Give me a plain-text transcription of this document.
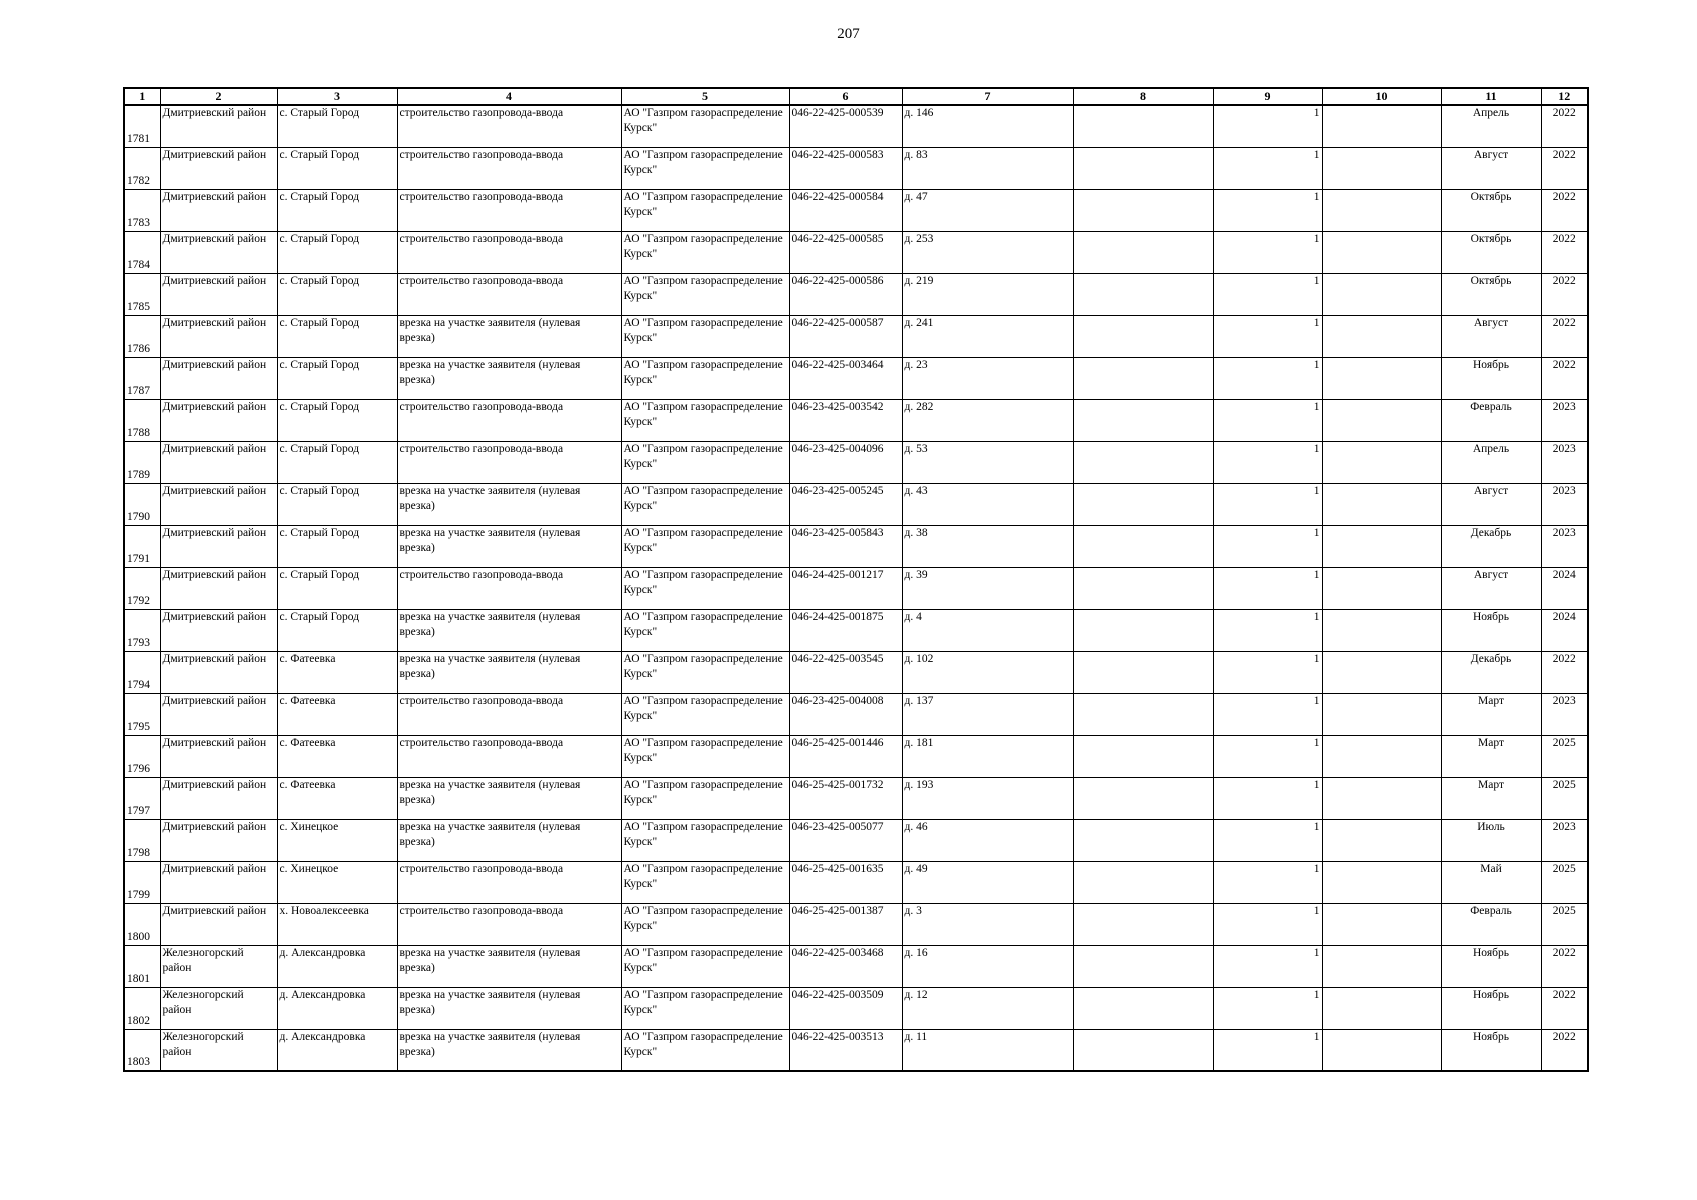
207
1	2	3	4	5	6	7	8	9	10	11	12
1781	Дмитриевский район	с. Старый Город	строительство газопровода-ввода	АО "Газпром газораспределение Курск"	046-22-425-000539	д. 146		1		Апрель	2022
1782	Дмитриевский район	с. Старый Город	строительство газопровода-ввода	АО "Газпром газораспределение Курск"	046-22-425-000583	д. 83		1		Август	2022
1783	Дмитриевский район	с. Старый Город	строительство газопровода-ввода	АО "Газпром газораспределение Курск"	046-22-425-000584	д. 47		1		Октябрь	2022
1784	Дмитриевский район	с. Старый Город	строительство газопровода-ввода	АО "Газпром газораспределение Курск"	046-22-425-000585	д. 253		1		Октябрь	2022
1785	Дмитриевский район	с. Старый Город	строительство газопровода-ввода	АО "Газпром газораспределение Курск"	046-22-425-000586	д. 219		1		Октябрь	2022
1786	Дмитриевский район	с. Старый Город	врезка на участке заявителя (нулевая врезка)	АО "Газпром газораспределение Курск"	046-22-425-000587	д. 241		1		Август	2022
1787	Дмитриевский район	с. Старый Город	врезка на участке заявителя (нулевая врезка)	АО "Газпром газораспределение Курск"	046-22-425-003464	д. 23		1		Ноябрь	2022
1788	Дмитриевский район	с. Старый Город	строительство газопровода-ввода	АО "Газпром газораспределение Курск"	046-23-425-003542	д. 282		1		Февраль	2023
1789	Дмитриевский район	с. Старый Город	строительство газопровода-ввода	АО "Газпром газораспределение Курск"	046-23-425-004096	д. 53		1		Апрель	2023
1790	Дмитриевский район	с. Старый Город	врезка на участке заявителя (нулевая врезка)	АО "Газпром газораспределение Курск"	046-23-425-005245	д. 43		1		Август	2023
1791	Дмитриевский район	с. Старый Город	врезка на участке заявителя (нулевая врезка)	АО "Газпром газораспределение Курск"	046-23-425-005843	д. 38		1		Декабрь	2023
1792	Дмитриевский район	с. Старый Город	строительство газопровода-ввода	АО "Газпром газораспределение Курск"	046-24-425-001217	д. 39		1		Август	2024
1793	Дмитриевский район	с. Старый Город	врезка на участке заявителя (нулевая врезка)	АО "Газпром газораспределение Курск"	046-24-425-001875	д. 4		1		Ноябрь	2024
1794	Дмитриевский район	с. Фатеевка	врезка на участке заявителя (нулевая врезка)	АО "Газпром газораспределение Курск"	046-22-425-003545	д. 102		1		Декабрь	2022
1795	Дмитриевский район	с. Фатеевка	строительство газопровода-ввода	АО "Газпром газораспределение Курск"	046-23-425-004008	д. 137		1		Март	2023
1796	Дмитриевский район	с. Фатеевка	строительство газопровода-ввода	АО "Газпром газораспределение Курск"	046-25-425-001446	д. 181		1		Март	2025
1797	Дмитриевский район	с. Фатеевка	врезка на участке заявителя (нулевая врезка)	АО "Газпром газораспределение Курск"	046-25-425-001732	д. 193		1		Март	2025
1798	Дмитриевский район	с. Хинецкое	врезка на участке заявителя (нулевая врезка)	АО "Газпром газораспределение Курск"	046-23-425-005077	д. 46		1		Июль	2023
1799	Дмитриевский район	с. Хинецкое	строительство газопровода-ввода	АО "Газпром газораспределение Курск"	046-25-425-001635	д. 49		1		Май	2025
1800	Дмитриевский район	х. Новоалексеевка	строительство газопровода-ввода	АО "Газпром газораспределение Курск"	046-25-425-001387	д. 3		1		Февраль	2025
1801	Железногорский район	д. Александровка	врезка на участке заявителя (нулевая врезка)	АО "Газпром газораспределение Курск"	046-22-425-003468	д. 16		1		Ноябрь	2022
1802	Железногорский район	д. Александровка	врезка на участке заявителя (нулевая врезка)	АО "Газпром газораспределение Курск"	046-22-425-003509	д. 12		1		Ноябрь	2022
1803	Железногорский район	д. Александровка	врезка на участке заявителя (нулевая врезка)	АО "Газпром газораспределение Курск"	046-22-425-003513	д. 11		1		Ноябрь	2022
